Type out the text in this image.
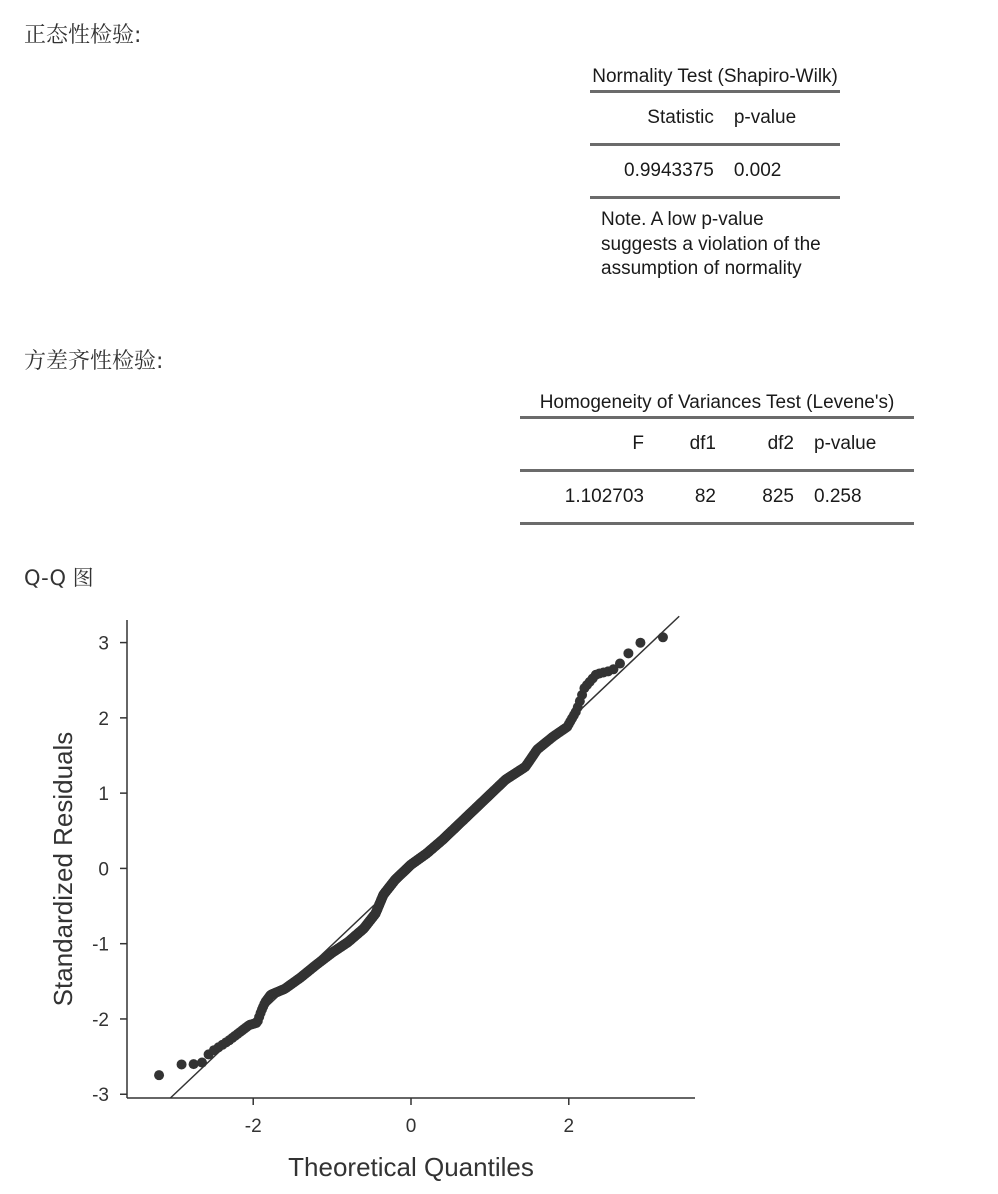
正态性检验:
Normality Test (Shapiro-Wilk)
Statistic	p-value
0.9943375	0.002
Note. A low p-value
suggests a violation of the
assumption of normality
方差齐性检验:
Homogeneity of Variances Test (Levene's)
F	df1	df2	p-value
1.102703	82	825	0.258
Q-Q 图
-2	0	2
-3
-2
-1
0
1
2
3
Theoretical Quantiles
Standardized Residuals
